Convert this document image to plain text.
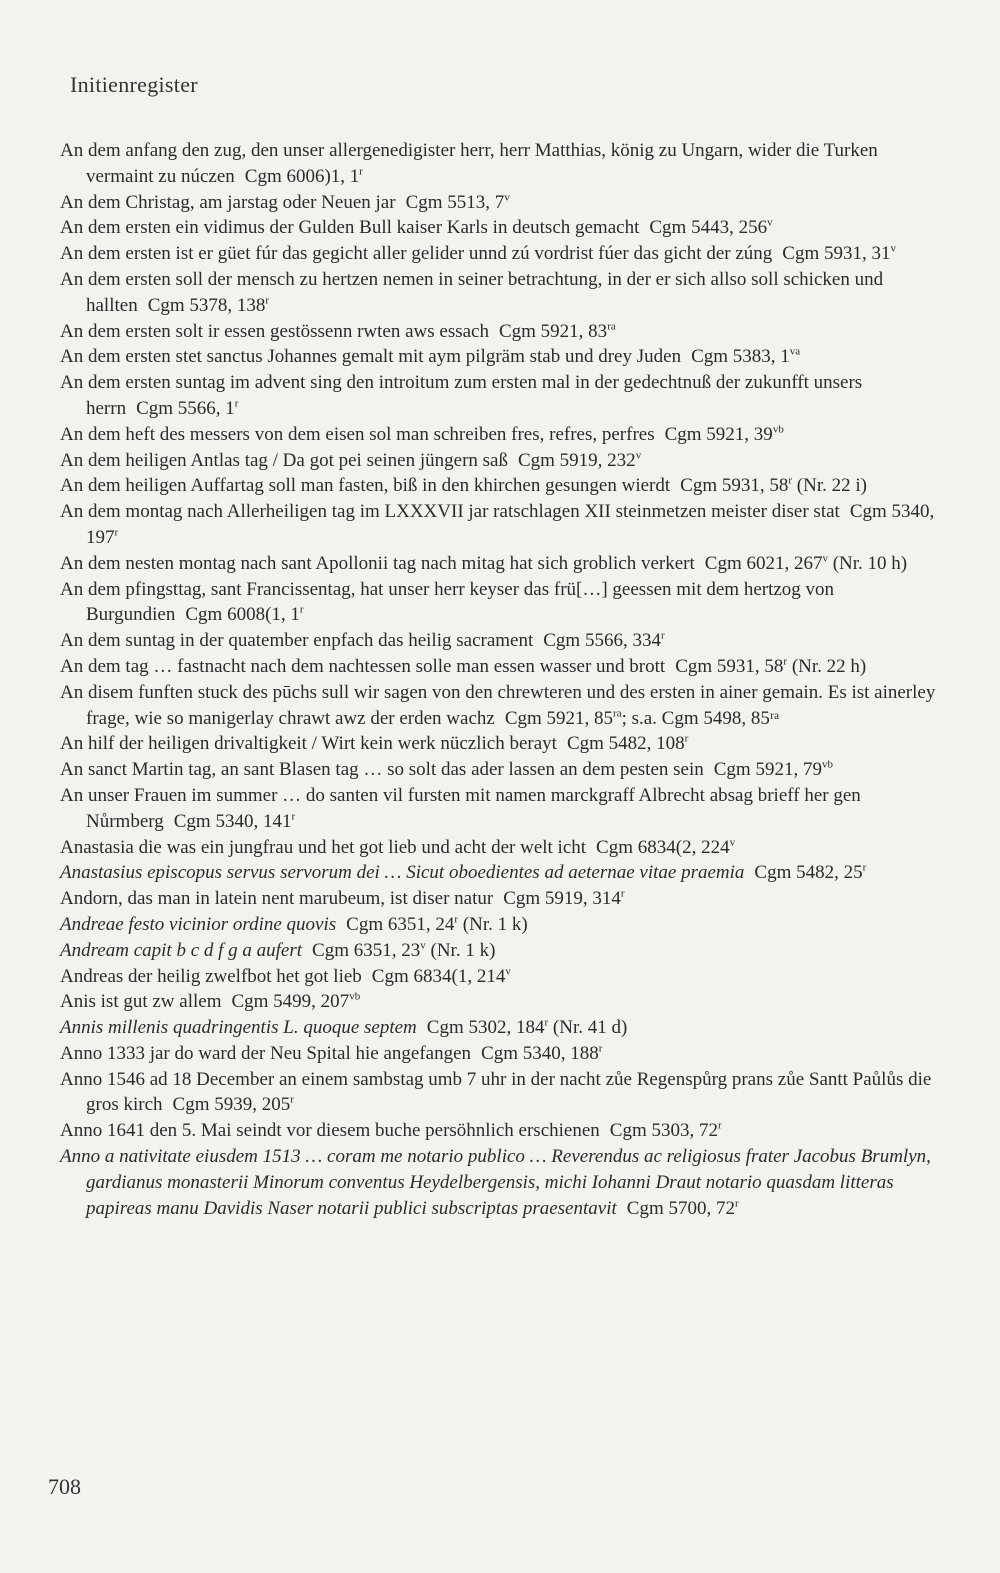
Initienregister

An dem anfang den zug, den unser allergenedigister herr, herr Matthias, könig zu Ungarn, wider die Turken vermaint zu núczen Cgm 6006)1, 1$^r$

An dem Christag, am jarstag oder Neuen jar Cgm 5513, 7$^v$

An dem ersten ein vidimus der Gulden Bull kaiser Karls in deutsch gemacht Cgm 5443, 256$^v$

An dem ersten ist er güet fúr das gegicht aller gelider unnd zú vordrist fúer das gicht der zúng Cgm 5931, 31$^v$

An dem ersten soll der mensch zu hertzen nemen in seiner betrachtung, in der er sich allso soll schicken und hallten Cgm 5378, 138$^r$

An dem ersten solt ir essen gestössenn rwten aws essach Cgm 5921, $83^{ra}$

An dem ersten stet sanctus Johannes gemalt mit aym pilgräm stab und drey Juden Cgm 5383, $1^{va}$

An dem ersten suntag im advent sing den introitum zum ersten mal in der gedechtnuß der zukunfft unsers herrn Cgm 5566, 1$^r$

An dem heft des messers von dem eisen sol man schreiben fres, refres, perfres Cgm 5921, $39^{vb}$

An dem heiligen Antlas tag / Da got pei seinen jüngern saß Cgm 5919, 232$^v$

An dem heiligen Auffartag soll man fasten, biß in den khirchen gesungen wierdt Cgm 5931, 58$^r$ (Nr. 22 i)

An dem montag nach Allerheiligen tag im LXXXVII jar ratschlagen XII steinmetzen meister diser stat Cgm 5340, 197$^r$

An dem nesten montag nach sant Apollonii tag nach mitag hat sich groblich verkert Cgm 6021, 267$^v$ (Nr. 10 h)

An dem pfingsttag, sant Francissentag, hat unser herr keyser das frü[…] geessen mit dem hertzog von Burgundien Cgm 6008(1, 1$^r$

An dem suntag in der quatember enpfach das heilig sacrament Cgm 5566, 334$^r$

An dem tag … fastnacht nach dem nachtessen solle man essen wasser und brott Cgm 5931, 58$^r$ (Nr. 22 h)

An disem funften stuck des pūchs sull wir sagen von den chrewteren und des ersten in ainer gemain. Es ist ainerley frage, wie so manigerlay chrawt awz der erden wachz Cgm 5921, $85^{ra}$; s.a. Cgm 5498, 85ʳᵃ

An hilf der heiligen drivaltigkeit / Wirt kein werk nüczlich berayt Cgm 5482, 108$^r$

An sanct Martin tag, an sant Blasen tag … so solt das ader lassen an dem pesten sein Cgm 5921, $79^{vb}$

An unser Frauen im summer … do santen vil fursten mit namen marckgraff Albrecht absag brieff her gen Nůrmberg Cgm 5340, 141$^r$

Anastasia die was ein jungfrau und het got lieb und acht der welt icht Cgm 6834(2, 224$^v$

Anastasius episcopus servus servorum dei … Sicut oboedientes ad aeternae vitae praemia Cgm 5482, 25$^r$

Andorn, das man in latein nent marubeum, ist diser natur Cgm 5919, 314$^r$

Andreae festo vicinior ordine quovis Cgm 6351, 24$^r$ (Nr. 1 k)

Andream capit b c d f g a aufert Cgm 6351, 23$^v$ (Nr. 1 k)

Andreas der heilig zwelfbot het got lieb Cgm 6834(1, 214$^v$

Anis ist gut zw allem Cgm 5499, $207^{vb}$

Annis millenis quadringentis L. quoque septem Cgm 5302, 184$^r$ (Nr. 41 d)

Anno 1333 jar do ward der Neu Spital hie angefangen Cgm 5340, 188$^r$

Anno 1546 ad 18 December an einem sambstag umb 7 uhr in der nacht zůe Regenspůrg prans zůe Santt Paůlůs die gros kirch Cgm 5939, 205$^r$

Anno 1641 den 5. Mai seindt vor diesem buche persöhnlich erschienen Cgm 5303, 72$^r$

Anno a nativitate eiusdem 1513 … coram me notario publico … Reverendus ac religiosus frater Jacobus Brumlyn, gardianus monasterii Minorum conventus Heydelbergensis, michi Iohanni Draut notario quasdam litteras papireas manu Davidis Naser notarii publici subscriptas praesentavit Cgm 5700, 72$^r$

708
